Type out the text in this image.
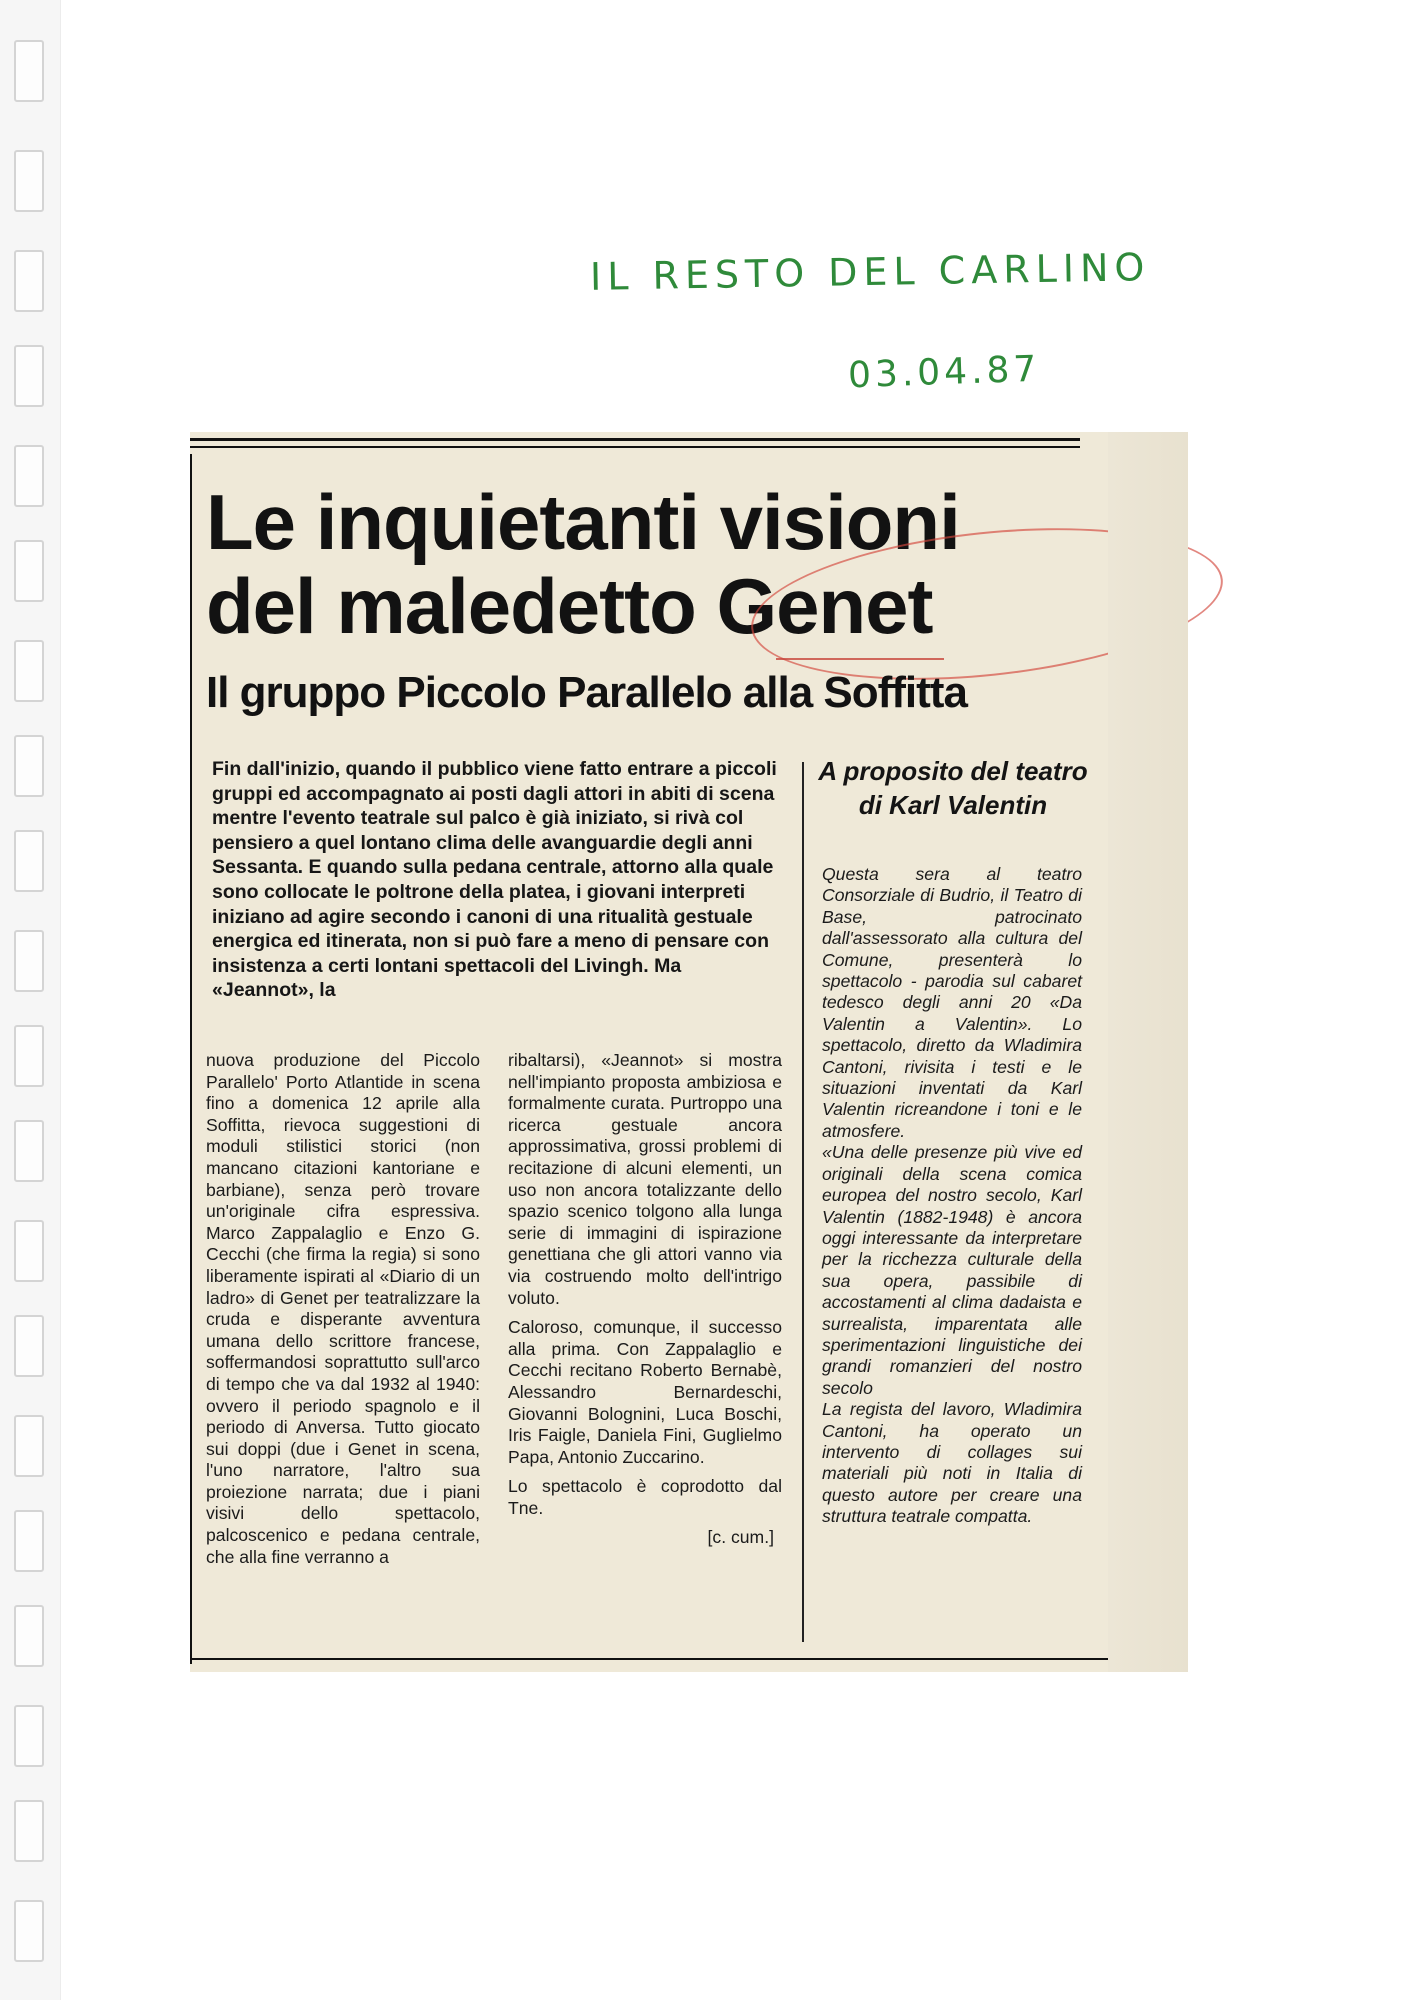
IL RESTO DEL CARLINO
03.04.87
Le inquietanti visioni
del maledetto Genet
Il gruppo Piccolo Parallelo alla Soffitta

Fin dall'inizio, quando il pubblico viene fatto entrare a piccoli gruppi ed accompagnato ai posti dagli attori in abiti di scena mentre l'evento teatrale sul palco è già iniziato, si rivà col pensiero a quel lontano clima delle avanguardie degli anni Sessanta. E quando sulla pedana centrale, attorno alla quale sono collocate le poltrone della platea, i giovani interpreti iniziano ad agire secondo i canoni di una ritualità gestuale energica ed itinerata, non si può fare a meno di pensare con insistenza a certi lontani spettacoli del Livingh. Ma «Jeannot», la

nuova produzione del Piccolo Parallelo' Porto Atlantide in scena fino a domenica 12 aprile alla Soffitta, rievoca suggestioni di moduli stilistici storici (non mancano citazioni kantoriane e barbiane), senza però trovare un'originale cifra espressiva. Marco Zappalaglio e Enzo G. Cecchi (che firma la regia) si sono liberamente ispirati al «Diario di un ladro» di Genet per teatralizzare la cruda e disperante avventura umana dello scrittore francese, soffermandosi soprattutto sull'arco di tempo che va dal 1932 al 1940: ovvero il periodo spagnolo e il periodo di Anversa. Tutto giocato sui doppi (due i Genet in scena, l'uno narratore, l'altro sua proiezione narrata; due i piani visivi dello spettacolo, palcoscenico e pedana centrale, che alla fine verranno a

ribaltarsi), «Jeannot» si mostra nell'impianto proposta ambiziosa e formalmente curata. Purtroppo una ricerca gestuale ancora approssimativa, grossi problemi di recitazione di alcuni elementi, un uso non ancora totalizzante dello spazio scenico tolgono alla lunga serie di immagini di ispirazione genettiana che gli attori vanno via via costruendo molto dell'intrigo voluto.

Caloroso, comunque, il successo alla prima. Con Zappalaglio e Cecchi recitano Roberto Bernabè, Alessandro Bernardeschi, Giovanni Bolognini, Luca Boschi, Iris Faigle, Daniela Fini, Guglielmo Papa, Antonio Zuccarino.

Lo spettacolo è coprodotto dal Tne.

[c. cum.]

A proposito del teatro di Karl Valentin

Questa sera al teatro Consorziale di Budrio, il Teatro di Base, patrocinato dall'assessorato alla cultura del Comune, presenterà lo spettacolo - parodia sul cabaret tedesco degli anni 20 «Da Valentin a Valentin». Lo spettacolo, diretto da Wladimira Cantoni, rivisita i testi e le situazioni inventati da Karl Valentin ricreandone i toni e le atmosfere.

«Una delle presenze più vive ed originali della scena comica europea del nostro secolo, Karl Valentin (1882-1948) è ancora oggi interessante da interpretare per la ricchezza culturale della sua opera, passibile di accostamenti al clima dadaista e surrealista, imparentata alle sperimentazioni linguistiche dei grandi romanzieri del nostro secolo

La regista del lavoro, Wladimira Cantoni, ha operato un intervento di collages sui materiali più noti in Italia di questo autore per creare una struttura teatrale compatta.
